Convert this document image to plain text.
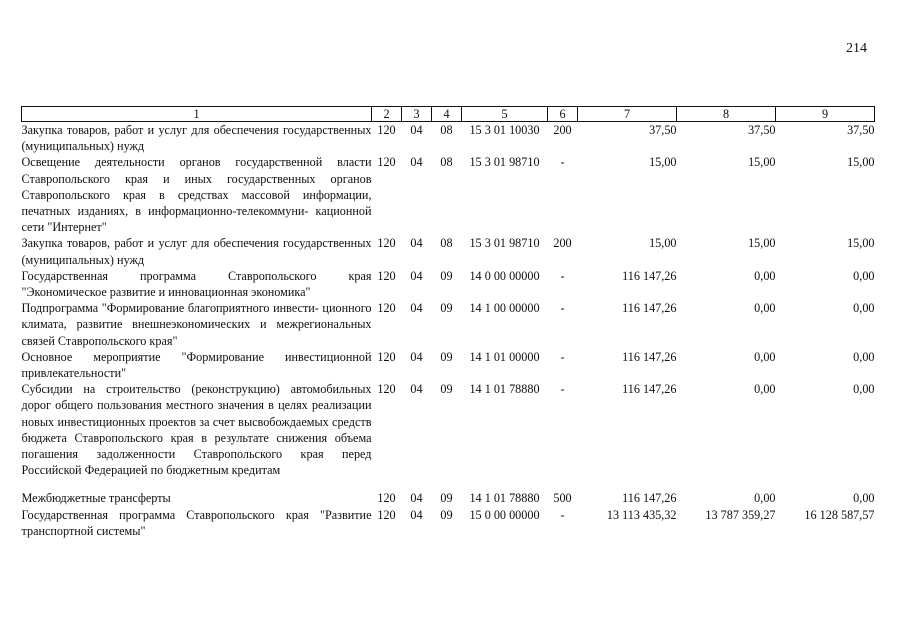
214
1	2	3	4	5	6	7	8	9
Закупка товаров, работ и услуг для обеспечения государственных (муниципальных) нужд	120	04	08	15 3 01 10030	200	37,50	37,50	37,50
Освещение деятельности органов государственной власти Ставропольского края и иных государственных органов Ставропольского края в средствах массовой информации, печатных изданиях, в информационно-телекоммуни- кационной сети "Интернет"	120	04	08	15 3 01 98710	-	15,00	15,00	15,00
Закупка товаров, работ и услуг для обеспечения государственных (муниципальных) нужд	120	04	08	15 3 01 98710	200	15,00	15,00	15,00
Государственная программа Ставропольского края "Экономическое развитие и инновационная экономика"	120	04	09	14 0 00 00000	-	116 147,26	0,00	0,00
Подпрограмма "Формирование благоприятного инвести- ционного климата, развитие внешнеэкономических и межрегиональных связей Ставропольского края"	120	04	09	14 1 00 00000	-	116 147,26	0,00	0,00
Основное мероприятие "Формирование инвестиционной привлекательности"	120	04	09	14 1 01 00000	-	116 147,26	0,00	0,00
Субсидии на строительство (реконструкцию) автомобильных дорог общего пользования местного значения в целях реализации новых инвестиционных проектов за счет высвобождаемых средств бюджета Ставропольского края в результате снижения объема погашения задолженности Ставропольского края перед Российской Федерацией по бюджетным кредитам	120	04	09	14 1 01 78880	-	116 147,26	0,00	0,00

Межбюджетные трансферты	120	04	09	14 1 01 78880	500	116 147,26	0,00	0,00
Государственная программа Ставропольского края "Развитие транспортной системы"	120	04	09	15 0 00 00000	-	13 113 435,32	13 787 359,27	16 128 587,57
